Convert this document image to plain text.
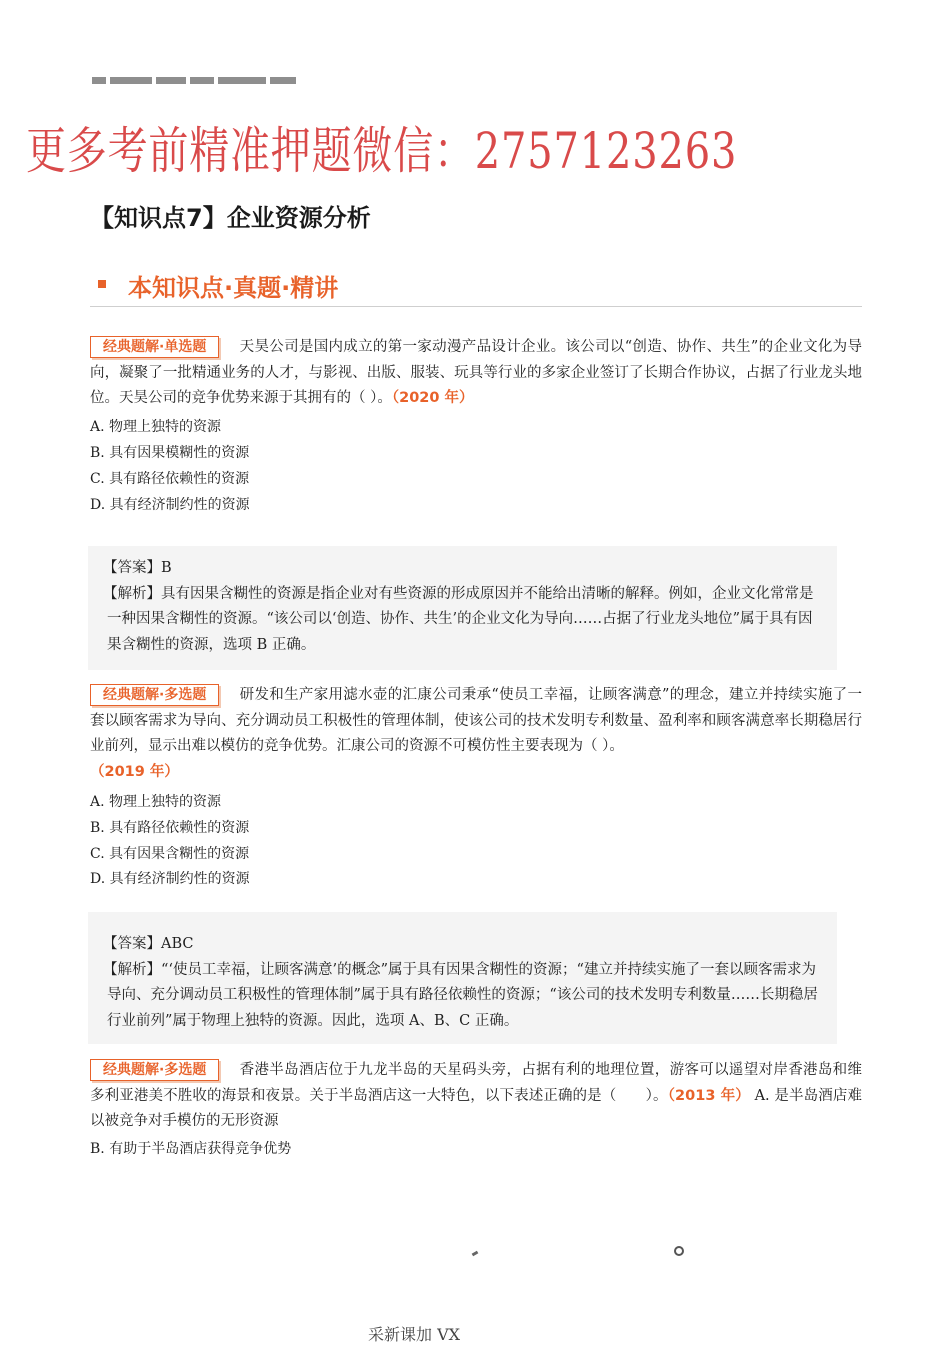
更多考前精准押题微信：2757123263
【知识点7】企业资源分析
本知识点·真题·精讲
经典题解·单选题 天昊公司是国内成立的第一家动漫产品设计企业。该公司以“创造、协作、共生”的企业文化为导向，凝聚了一批精通业务的人才，与影视、出版、服装、玩具等行业的多家企业签订了长期合作协议，占据了行业龙头地位。天昊公司的竞争优势来源于其拥有的（ ）。（2020 年）
A. 物理上独特的资源
B. 具有因果模糊性的资源
C. 具有路径依赖性的资源
D. 具有经济制约性的资源
【答案】B
【解析】具有因果含糊性的资源是指企业对有些资源的形成原因并不能给出清晰的解释。例如，企业文化常常是一种因果含糊性的资源。“该公司以‘创造、协作、共生’的企业文化为导向……占据了行业龙头地位”属于具有因果含糊性的资源，选项 B 正确。
经典题解·多选题 研发和生产家用滤水壶的汇康公司秉承“使员工幸福，让顾客满意”的理念，建立并持续实施了一套以顾客需求为导向、充分调动员工积极性的管理体制，使该公司的技术发明专利数量、盈利率和顾客满意率长期稳居行业前列，显示出难以模仿的竞争优势。汇康公司的资源不可模仿性主要表现为（ ）。
（2019 年）
A. 物理上独特的资源
B. 具有路径依赖性的资源
C. 具有因果含糊性的资源
D. 具有经济制约性的资源
【答案】ABC
【解析】“‘使员工幸福，让顾客满意’的概念”属于具有因果含糊性的资源；“建立并持续实施了一套以顾客需求为导向、充分调动员工积极性的管理体制”属于具有路径依赖性的资源；“该公司的技术发明专利数量……长期稳居行业前列”属于物理上独特的资源。因此，选项 A、B、C 正确。
经典题解·多选题 香港半岛酒店位于九龙半岛的天星码头旁，占据有利的地理位置，游客可以遥望对岸香港岛和维多利亚港美不胜收的海景和夜景。关于半岛酒店这一大特色，以下表述正确的是（　　）。（2013 年） A. 是半岛酒店难以被竞争对手模仿的无形资源
B. 有助于半岛酒店获得竞争优势
采新课加 VX
